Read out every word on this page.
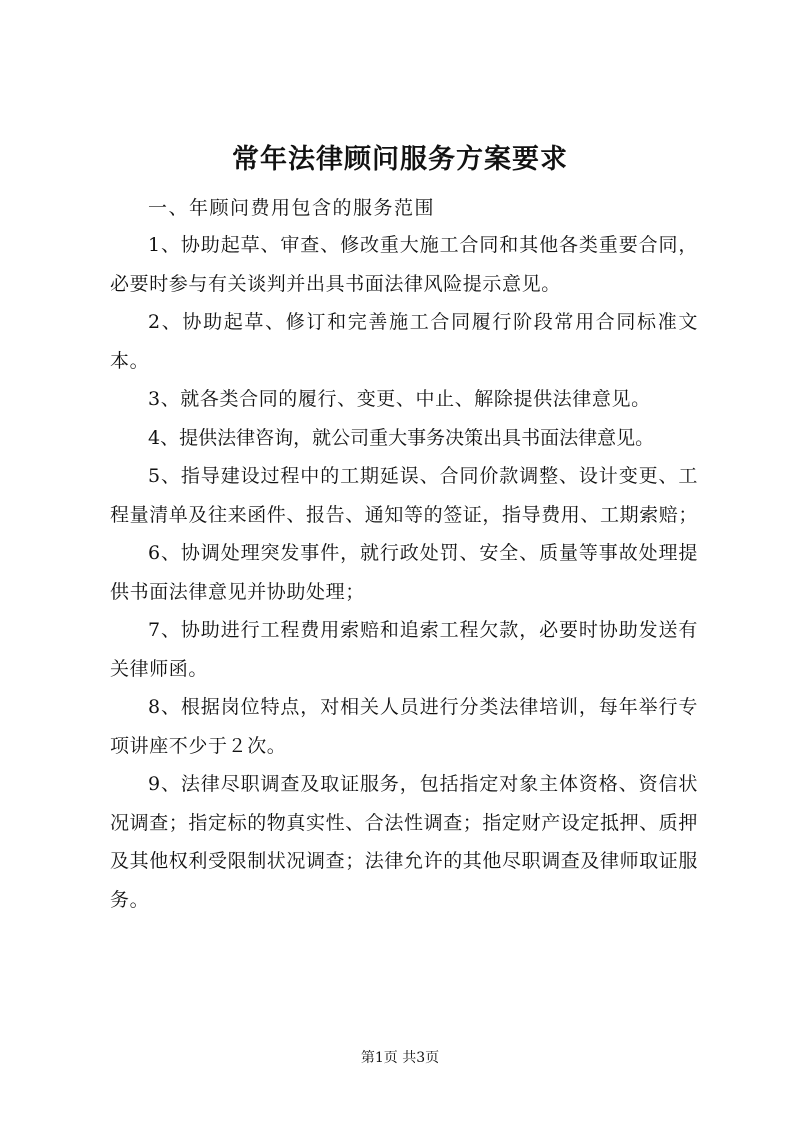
常年法律顾问服务方案要求
一、年顾问费用包含的服务范围

1、协助起草、审查、修改重大施工合同和其他各类重要合同，必要时参与有关谈判并出具书面法律风险提示意见。

2、协助起草、修订和完善施工合同履行阶段常用合同标准文本。

3、就各类合同的履行、变更、中止、解除提供法律意见。

4、提供法律咨询，就公司重大事务决策出具书面法律意见。

5、指导建设过程中的工期延误、合同价款调整、设计变更、工程量清单及往来函件、报告、通知等的签证，指导费用、工期索赔；

6、协调处理突发事件，就行政处罚、安全、质量等事故处理提供书面法律意见并协助处理；

7、协助进行工程费用索赔和追索工程欠款，必要时协助发送有关律师函。

8、根据岗位特点，对相关人员进行分类法律培训，每年举行专项讲座不少于２次。

9、法律尽职调查及取证服务，包括指定对象主体资格、资信状况调查；指定标的物真实性、合法性调查；指定财产设定抵押、质押及其他权利受限制状况调查；法律允许的其他尽职调查及律师取证服务。

第1页 共3页
